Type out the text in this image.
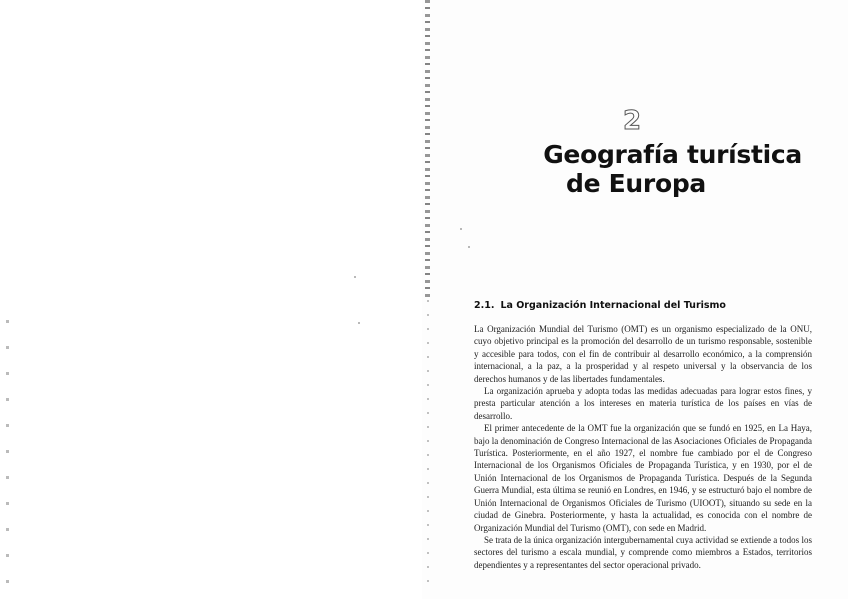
2
Geografía turística
de Europa
2.1. La Organización Internacional del Turismo

La Organización Mundial del Turismo (OMT) es un organismo especializado de la ONU, cuyo objetivo principal es la promoción del desarrollo de un turismo responsable, sostenible y accesible para todos, con el fin de contribuir al desarrollo económico, a la comprensión internacional, a la paz, a la prosperidad y al respeto universal y la observancia de los derechos humanos y de las libertades fundamentales.

La organización aprueba y adopta todas las medidas adecuadas para lograr estos fines, y presta particular atención a los intereses en materia turística de los países en vías de desarrollo.

El primer antecedente de la OMT fue la organización que se fundó en 1925, en La Haya, bajo la denominación de Congreso Internacional de las Asociaciones Oficiales de Propaganda Turística. Posteriormente, en el año 1927, el nombre fue cambiado por el de Congreso Internacional de los Organismos Oficiales de Propaganda Turística, y en 1930, por el de Unión Internacional de los Organismos de Propaganda Turística. Después de la Segunda Guerra Mundial, esta última se reunió en Londres, en 1946, y se estructuró bajo el nombre de Unión Internacional de Organismos Oficiales de Turismo (UIOOT), situando su sede en la ciudad de Ginebra. Posteriormente, y hasta la actualidad, es conocida con el nombre de Organización Mundial del Turismo (OMT), con sede en Madrid.

Se trata de la única organización intergubernamental cuya actividad se extiende a todos los sectores del turismo a escala mundial, y comprende como miembros a Estados, territorios dependientes y a representantes del sector operacional privado.
